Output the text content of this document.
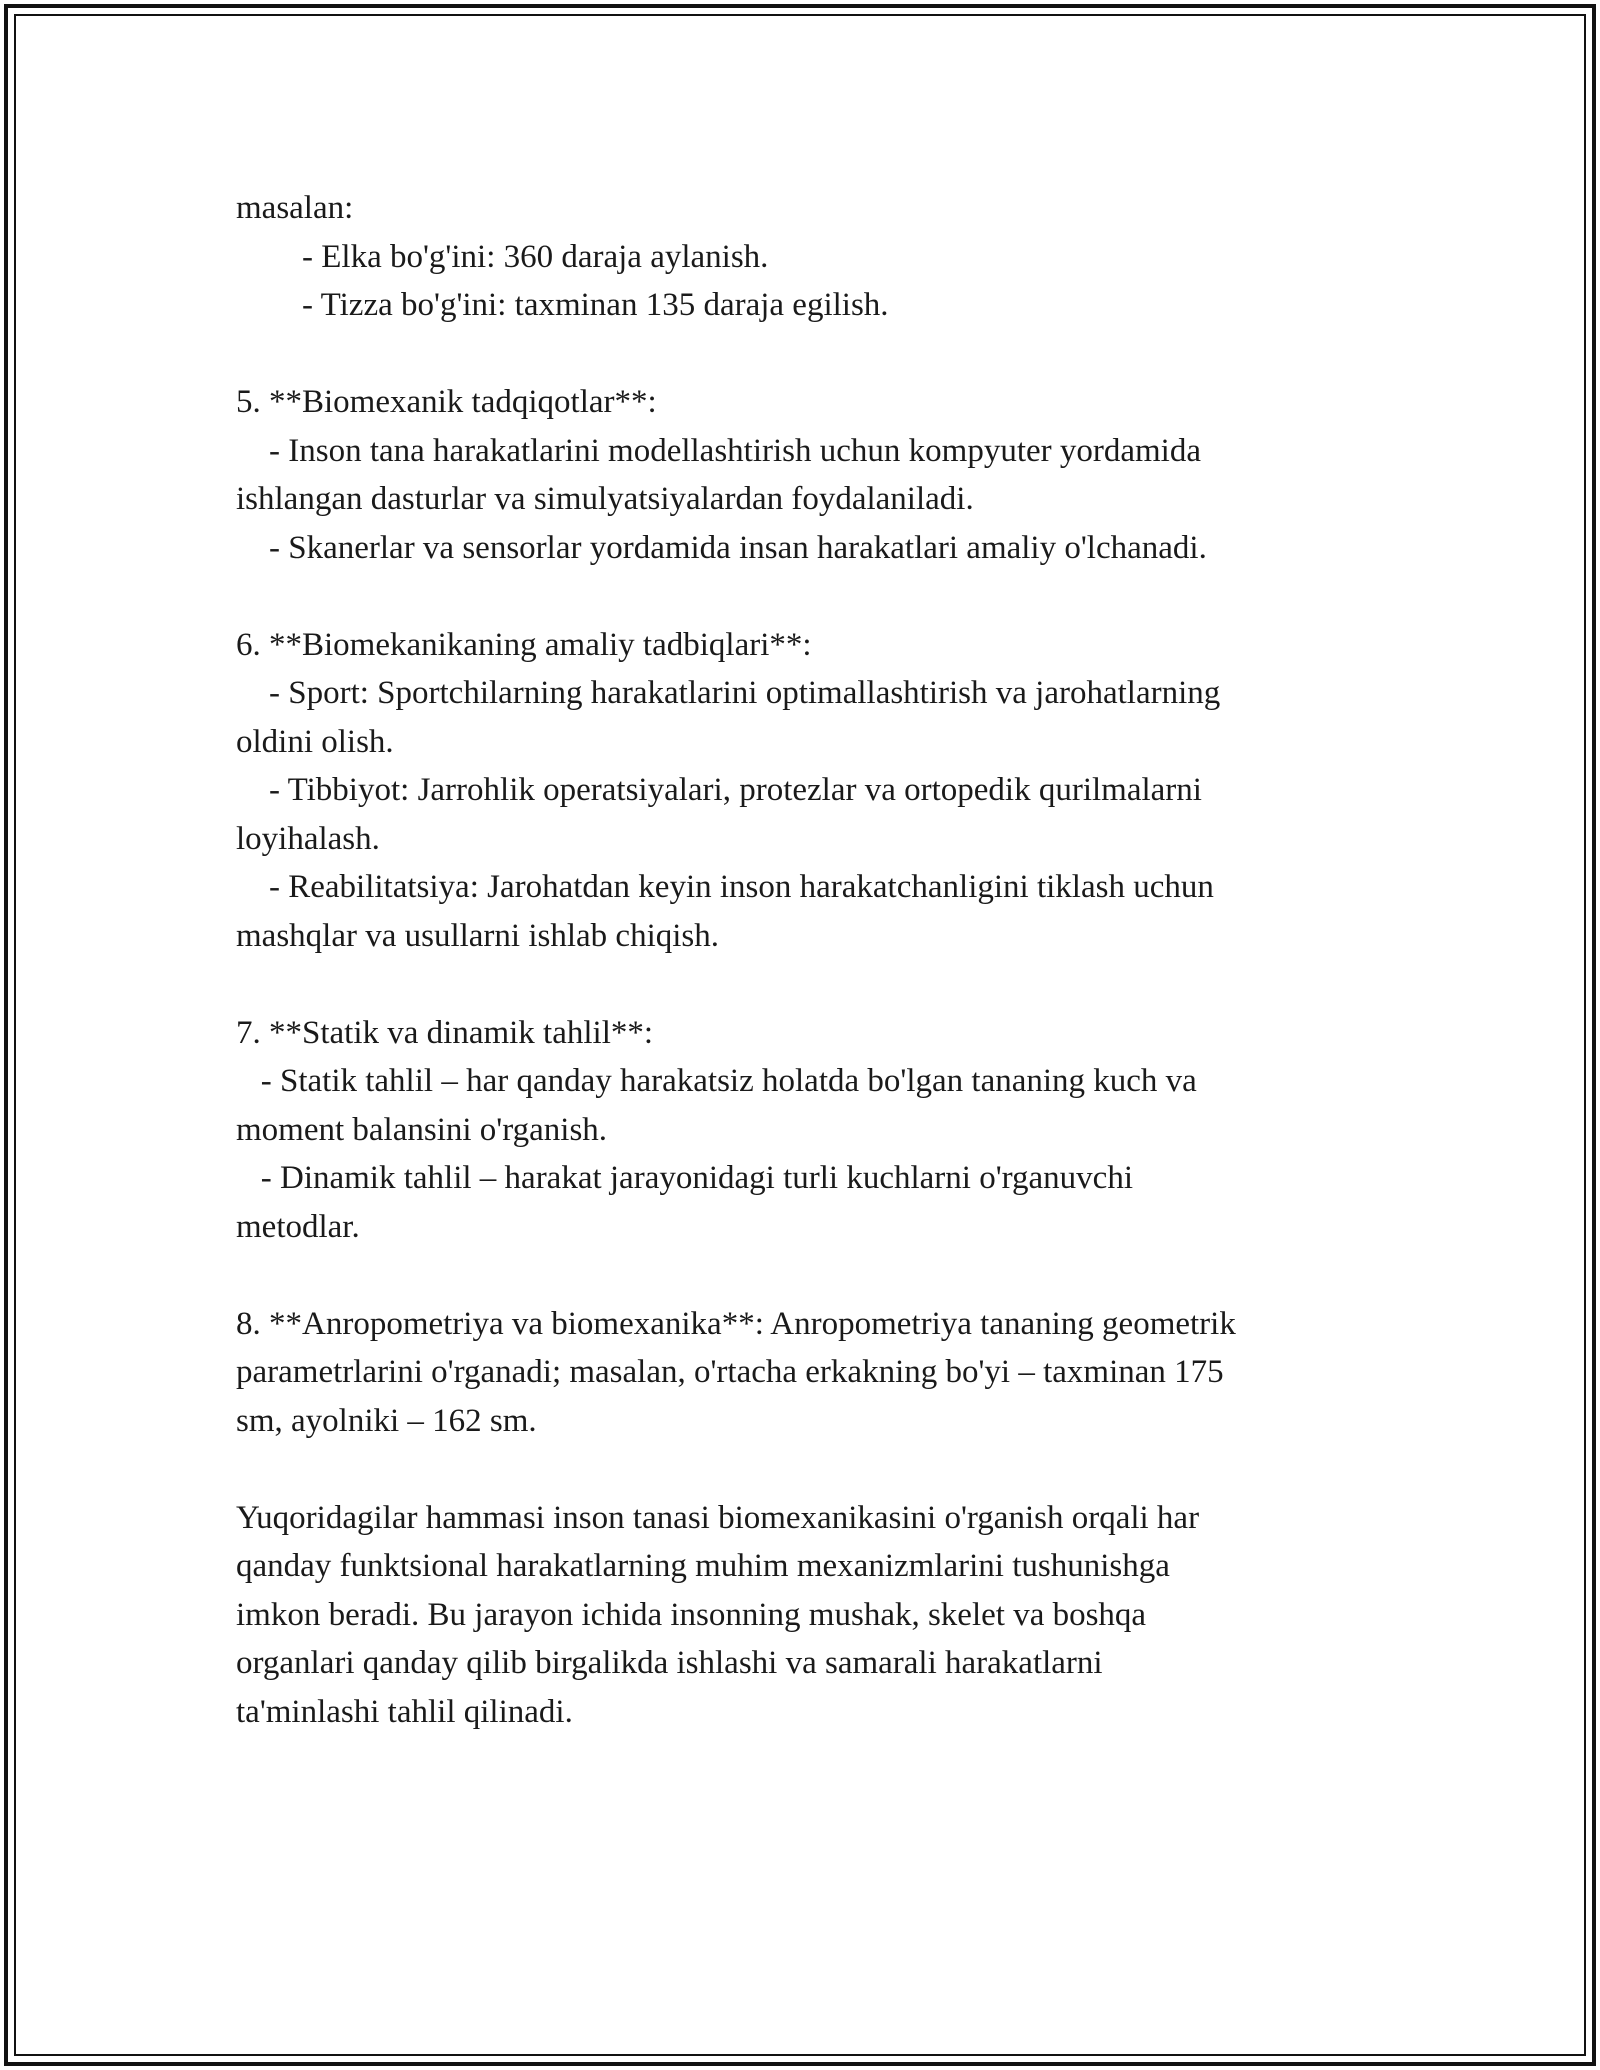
masalan:
- Elka bo'g'ini: 360 daraja aylanish.
- Tizza bo'g'ini: taxminan 135 daraja egilish.
5. **Biomexanik tadqiqotlar**:
- Inson tana harakatlarini modellashtirish uchun kompyuter yordamida
ishlangan dasturlar va simulyatsiyalardan foydalaniladi.
- Skanerlar va sensorlar yordamida insan harakatlari amaliy o'lchanadi.
6. **Biomekanikaning amaliy tadbiqlari**:
- Sport: Sportchilarning harakatlarini optimallashtirish va jarohatlarning
oldini olish.
- Tibbiyot: Jarrohlik operatsiyalari, protezlar va ortopedik qurilmalarni
loyihalash.
- Reabilitatsiya: Jarohatdan keyin inson harakatchanligini tiklash uchun
mashqlar va usullarni ishlab chiqish.
7. **Statik va dinamik tahlil**:
- Statik tahlil – har qanday harakatsiz holatda bo'lgan tananing kuch va
moment balansini o'rganish.
- Dinamik tahlil – harakat jarayonidagi turli kuchlarni o'rganuvchi
metodlar.
8. **Anropometriya va biomexanika**: Anropometriya tananing geometrik
parametrlarini o'rganadi; masalan, o'rtacha erkakning bo'yi – taxminan 175
sm, ayolniki – 162 sm.
Yuqoridagilar hammasi inson tanasi biomexanikasini o'rganish orqali har
qanday funktsional harakatlarning muhim mexanizmlarini tushunishga
imkon beradi. Bu jarayon ichida insonning mushak, skelet va boshqa
organlari qanday qilib birgalikda ishlashi va samarali harakatlarni
ta'minlashi tahlil qilinadi.
